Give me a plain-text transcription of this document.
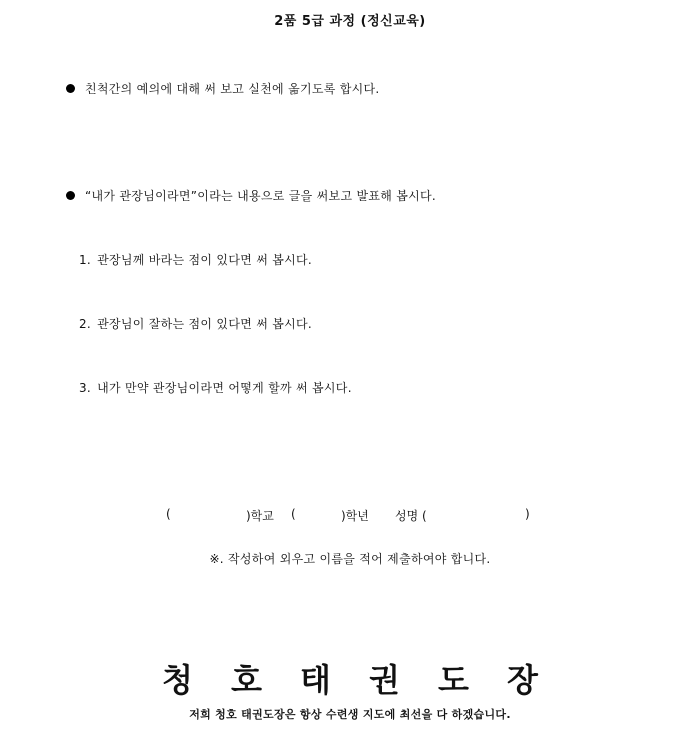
2품 5급 과정 (정신교육)
친척간의 예의에 대해 써 보고 실천에 옮기도록 합시다.
“내가 관장님이라면”이라는 내용으로 글을 써보고 발표해 봅시다.
1. 관장님께 바라는 점이 있다면 써 봅시다.
2. 관장님이 잘하는 점이 있다면 써 봅시다.
3. 내가 만약 관장님이라면 어떻게 할까 써 봅시다.
(	)학교 (	)학년 성명 (	)
※. 작성하여 외우고 이름을 적어 제출하여야 합니다.
청 호 태 권 도 장
저희 청호 태권도장은 항상 수련생 지도에 최선을 다 하겠습니다.
